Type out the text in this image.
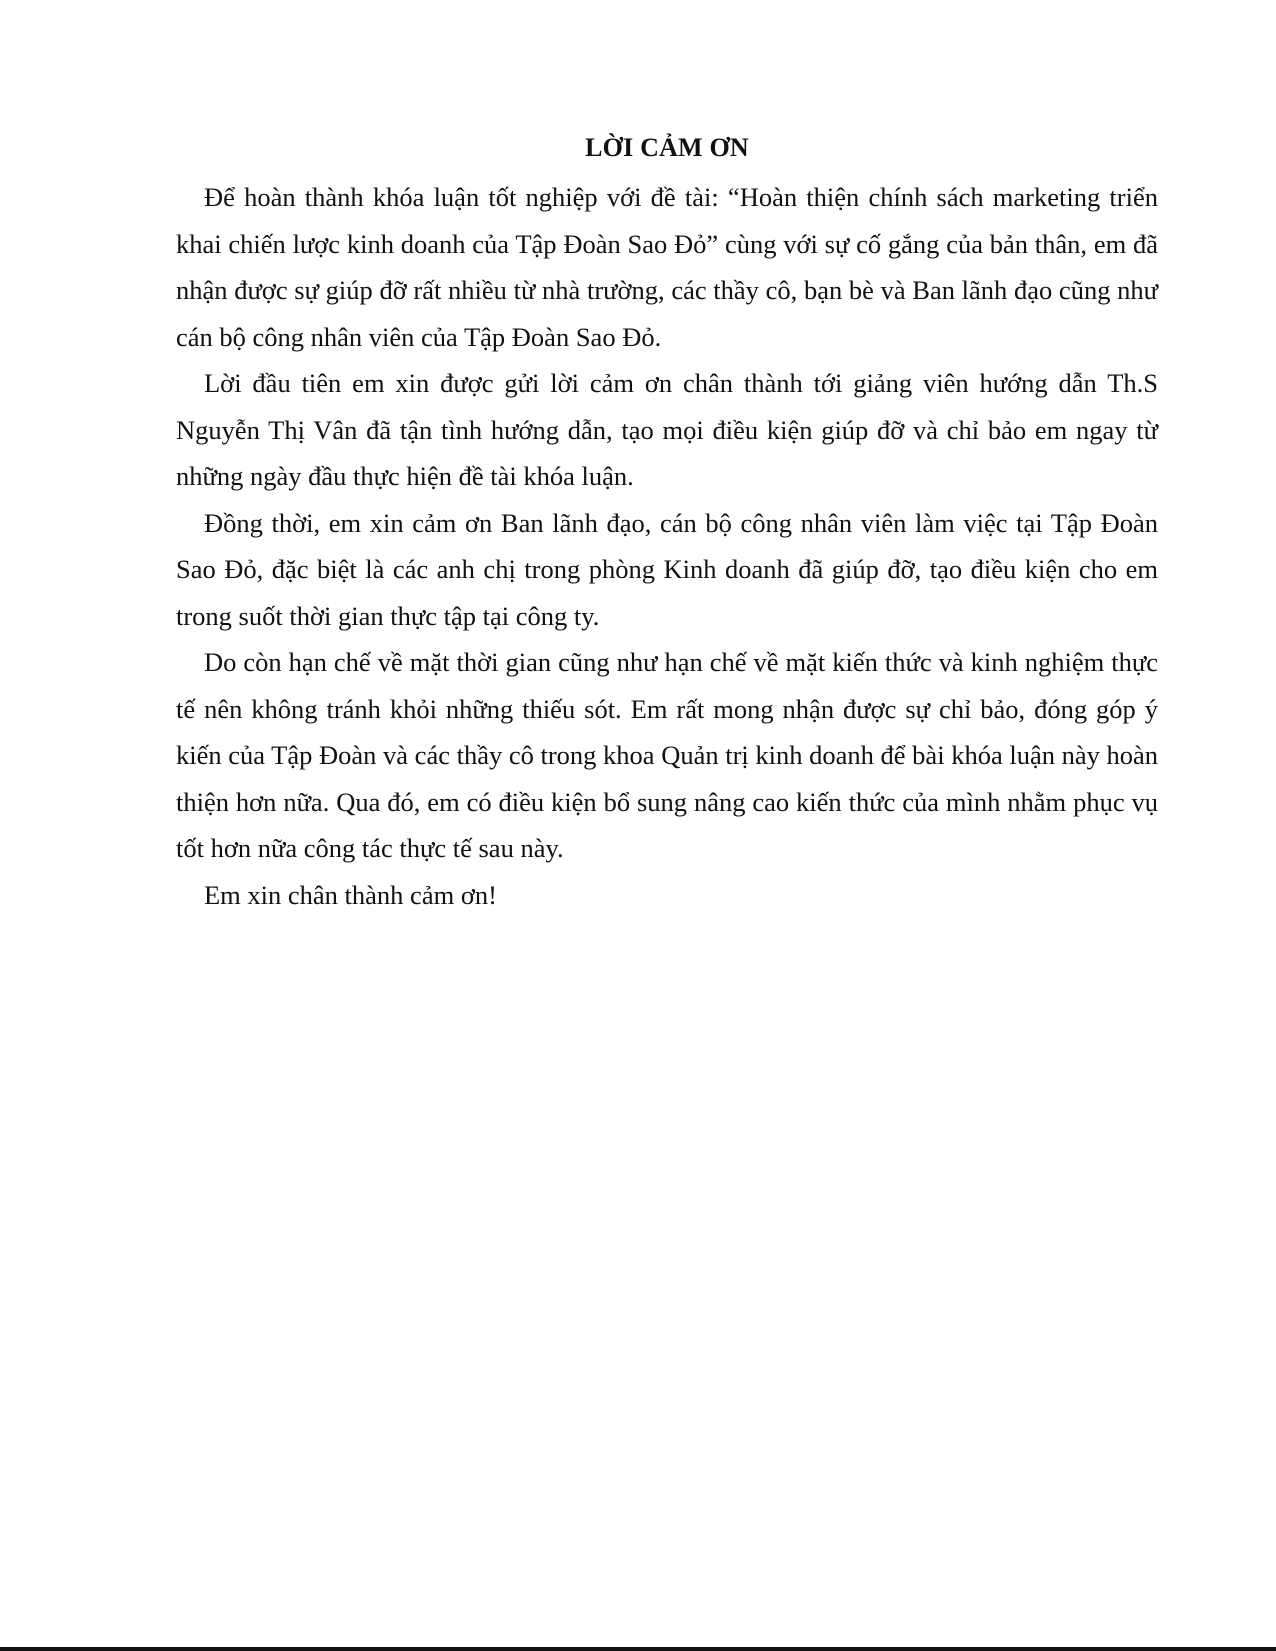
LỜI CẢM ƠN

Để hoàn thành khóa luận tốt nghiệp với đề tài: “Hoàn thiện chính sách marketing triển khai chiến lược kinh doanh của Tập Đoàn Sao Đỏ” cùng với sự cố gắng của bản thân, em đã nhận được sự giúp đỡ rất nhiều từ nhà trường, các thầy cô, bạn bè và Ban lãnh đạo cũng như cán bộ công nhân viên của Tập Đoàn Sao Đỏ.

Lời đầu tiên em xin được gửi lời cảm ơn chân thành tới giảng viên hướng dẫn Th.S Nguyễn Thị Vân đã tận tình hướng dẫn, tạo mọi điều kiện giúp đỡ và chỉ bảo em ngay từ những ngày đầu thực hiện đề tài khóa luận.

Đồng thời, em xin cảm ơn Ban lãnh đạo, cán bộ công nhân viên làm việc tại Tập Đoàn Sao Đỏ, đặc biệt là các anh chị trong phòng Kinh doanh đã giúp đỡ, tạo điều kiện cho em trong suốt thời gian thực tập tại công ty.

Do còn hạn chế về mặt thời gian cũng như hạn chế về mặt kiến thức và kinh nghiệm thực tế nên không tránh khỏi những thiếu sót. Em rất mong nhận được sự chỉ bảo, đóng góp ý kiến của Tập Đoàn và các thầy cô trong khoa Quản trị kinh doanh để bài khóa luận này hoàn thiện hơn nữa. Qua đó, em có điều kiện bổ sung nâng cao kiến thức của mình nhằm phục vụ tốt hơn nữa công tác thực tế sau này.

Em xin chân thành cảm ơn!
